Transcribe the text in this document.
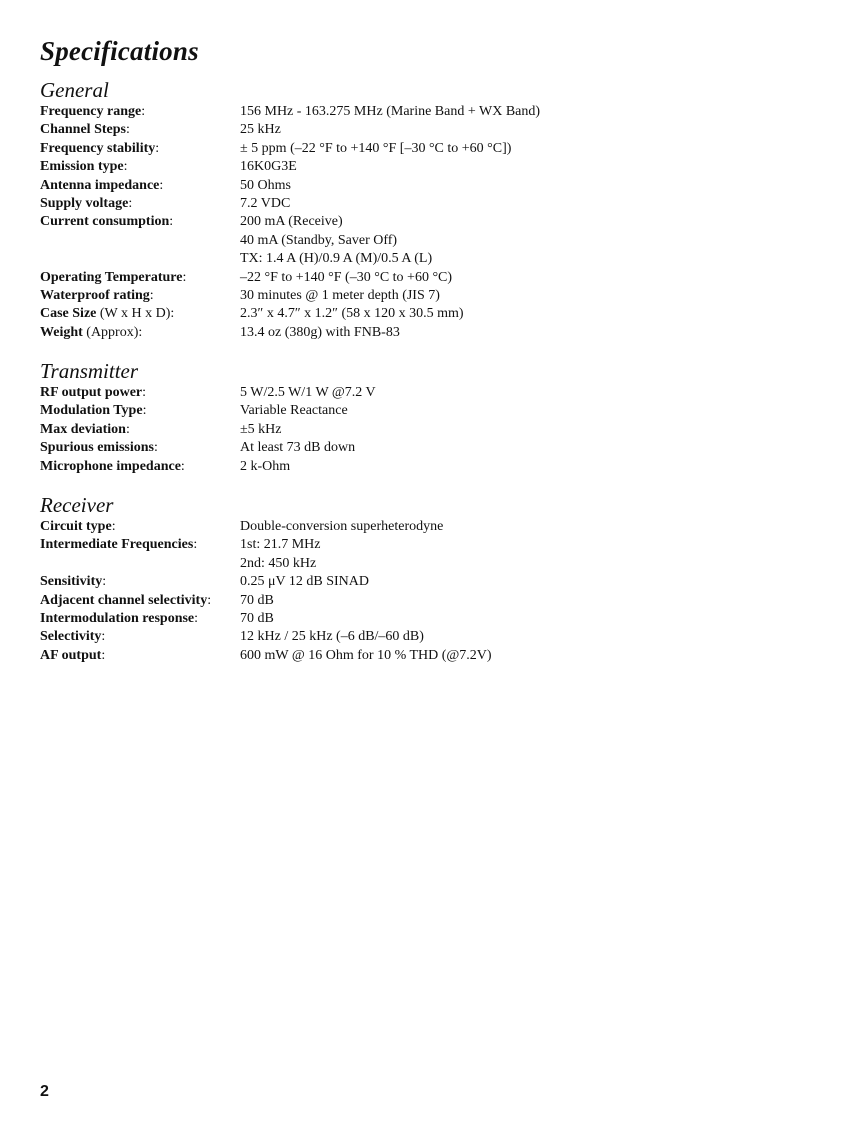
Specifications
General
Frequency range:	156 MHz - 163.275 MHz (Marine Band + WX Band)
Channel Steps:	25 kHz
Frequency stability:	± 5 ppm (–22 °F to +140 °F [–30 °C to +60 °C])
Emission type:	16K0G3E
Antenna impedance:	50 Ohms
Supply voltage:	7.2 VDC
Current consumption:	200 mA (Receive)
40 mA (Standby, Saver Off)
TX: 1.4 A (H)/0.9 A (M)/0.5 A (L)
Operating Temperature:	–22 °F to +140 °F (–30 °C to +60 °C)
Waterproof rating:	30 minutes @ 1 meter depth (JIS 7)
Case Size (W x H x D):	2.3″ x 4.7″ x 1.2″ (58 x 120 x 30.5 mm)
Weight (Approx):	13.4 oz (380g) with FNB-83
Transmitter
RF output power:	5 W/2.5 W/1 W @7.2 V
Modulation Type:	Variable Reactance
Max deviation:	±5 kHz
Spurious emissions:	At least 73 dB down
Microphone impedance:	2 k-Ohm
Receiver
Circuit type:	Double-conversion superheterodyne
Intermediate Frequencies:	1st: 21.7 MHz
2nd: 450 kHz
Sensitivity:	0.25 μV 12 dB SINAD
Adjacent channel selectivity:	70 dB
Intermodulation response:	70 dB
Selectivity:	12 kHz / 25 kHz (–6 dB/–60 dB)
AF output:	600 mW @ 16 Ohm for 10 % THD (@7.2V)
2
